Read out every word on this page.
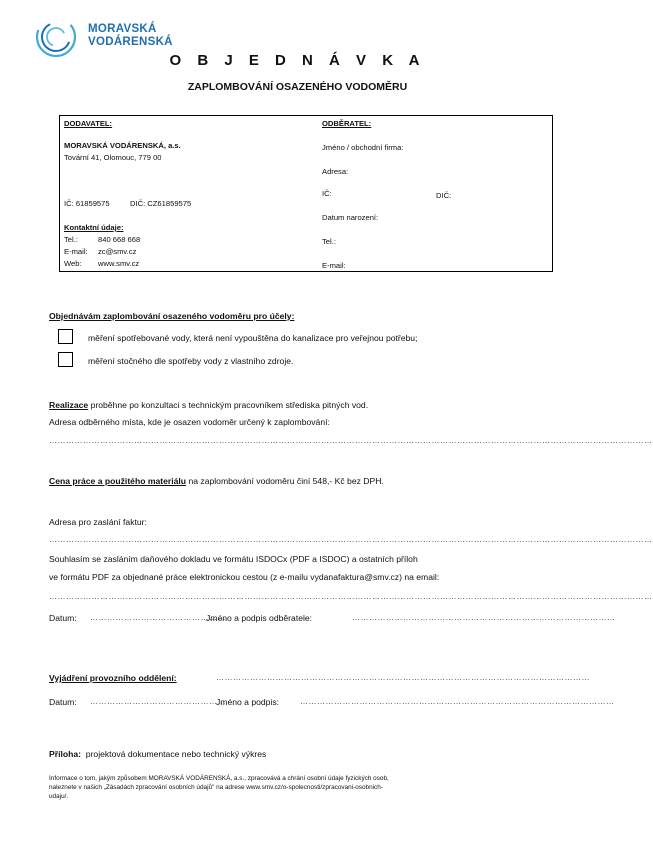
MORAVSKÁ
VODÁRENSKÁ
O B J E D N Á V K A
ZAPLOMBOVÁNÍ OSAZENÉHO VODOMĚRU
DODAVATEL:
MORAVSKÁ VODÁRENSKÁ, a.s.
Tovární 41, Olomouc, 779 00
IČ: 61859575	DIČ: CZ61859575
Kontaktní údaje:
Tel.:	840 668 668
E-mail: zc@smv.cz
Web: www.smv.cz
ODBĚRATEL:
Jméno / obchodní firma:
Adresa:
IČ:	DIČ:
Datum narození:
Tel.:
E-mail:
Objednávám zaplombování osazeného vodoměru pro účely:
měření spotřebované vody, která není vypouštěna do kanalizace pro veřejnou potřebu;
měření stočného dle spotřeby vody z vlastního zdroje.
Realizace proběhne po konzultaci s technickým pracovníkem střediska pitných vod.
Adresa odběrného místa, kde je osazen vodoměr určený k zaplombování:
……………………………………………………………………………………………………………………………………………………………………………………………
Cena práce a použitého materiálu na zaplombování vodoměru činí 548,- Kč bez DPH.
Adresa pro zaslání faktur:
……………………………………………………………………………………………………………………………………………………………………………………………
Souhlasím se zasláním daňového dokladu ve formátu ISDOCx (PDF a ISDOC) a ostatních příloh
ve formátu PDF za objednané práce elektronickou cestou (z e-mailu vydanafaktura@smv.cz) na email:
……………………………………………………………………………………………………………………………………………………………………………………………
Datum: …………………………………………
Jméno a podpis odběratele:	…………………………………………………………………………………
Vyjádření provozního oddělení:	……………………………………………………………………………………………………………………
Datum: …………………………………………
Jméno a podpis:	…………………………………………………………………………………………………
Příloha: projektová dokumentace nebo technický výkres
Informace o tom, jakým způsobem MORAVSKÁ VODÁRENSKÁ, a.s., zpracovává a chrání osobní údaje fyzických osob,
naleznete v našich „Zásadách zpracování osobních údajů" na adrese www.smv.cz/o-spolecnosti/zpracovani-osobnich-
udaju/.
